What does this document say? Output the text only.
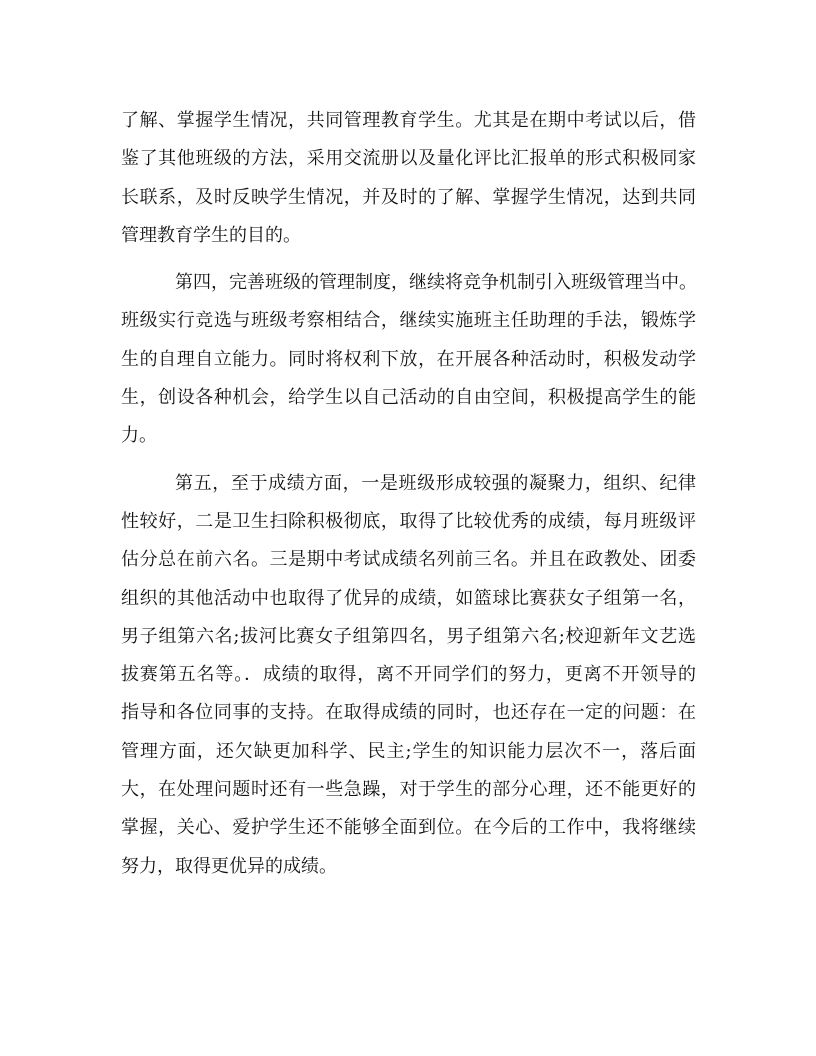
了解、掌握学生情况，共同管理教育学生。尤其是在期中考试以后，借
鉴了其他班级的方法，采用交流册以及量化评比汇报单的形式积极同家
长联系，及时反映学生情况，并及时的了解、掌握学生情况，达到共同
管理教育学生的目的。
第四，完善班级的管理制度，继续将竞争机制引入班级管理当中。
班级实行竞选与班级考察相结合，继续实施班主任助理的手法，锻炼学
生的自理自立能力。同时将权利下放，在开展各种活动时，积极发动学
生，创设各种机会，给学生以自己活动的自由空间，积极提高学生的能
力。
第五，至于成绩方面，一是班级形成较强的凝聚力，组织、纪律
性较好，二是卫生扫除积极彻底，取得了比较优秀的成绩，每月班级评
估分总在前六名。三是期中考试成绩名列前三名。并且在政教处、团委
组织的其他活动中也取得了优异的成绩，如篮球比赛获女子组第一名，
男子组第六名;拔河比赛女子组第四名，男子组第六名;校迎新年文艺选
拔赛第五名等。．成绩的取得，离不开同学们的努力，更离不开领导的
指导和各位同事的支持。在取得成绩的同时，也还存在一定的问题：在
管理方面，还欠缺更加科学、民主;学生的知识能力层次不一，落后面
大，在处理问题时还有一些急躁，对于学生的部分心理，还不能更好的
掌握，关心、爱护学生还不能够全面到位。在今后的工作中，我将继续
努力，取得更优异的成绩。
